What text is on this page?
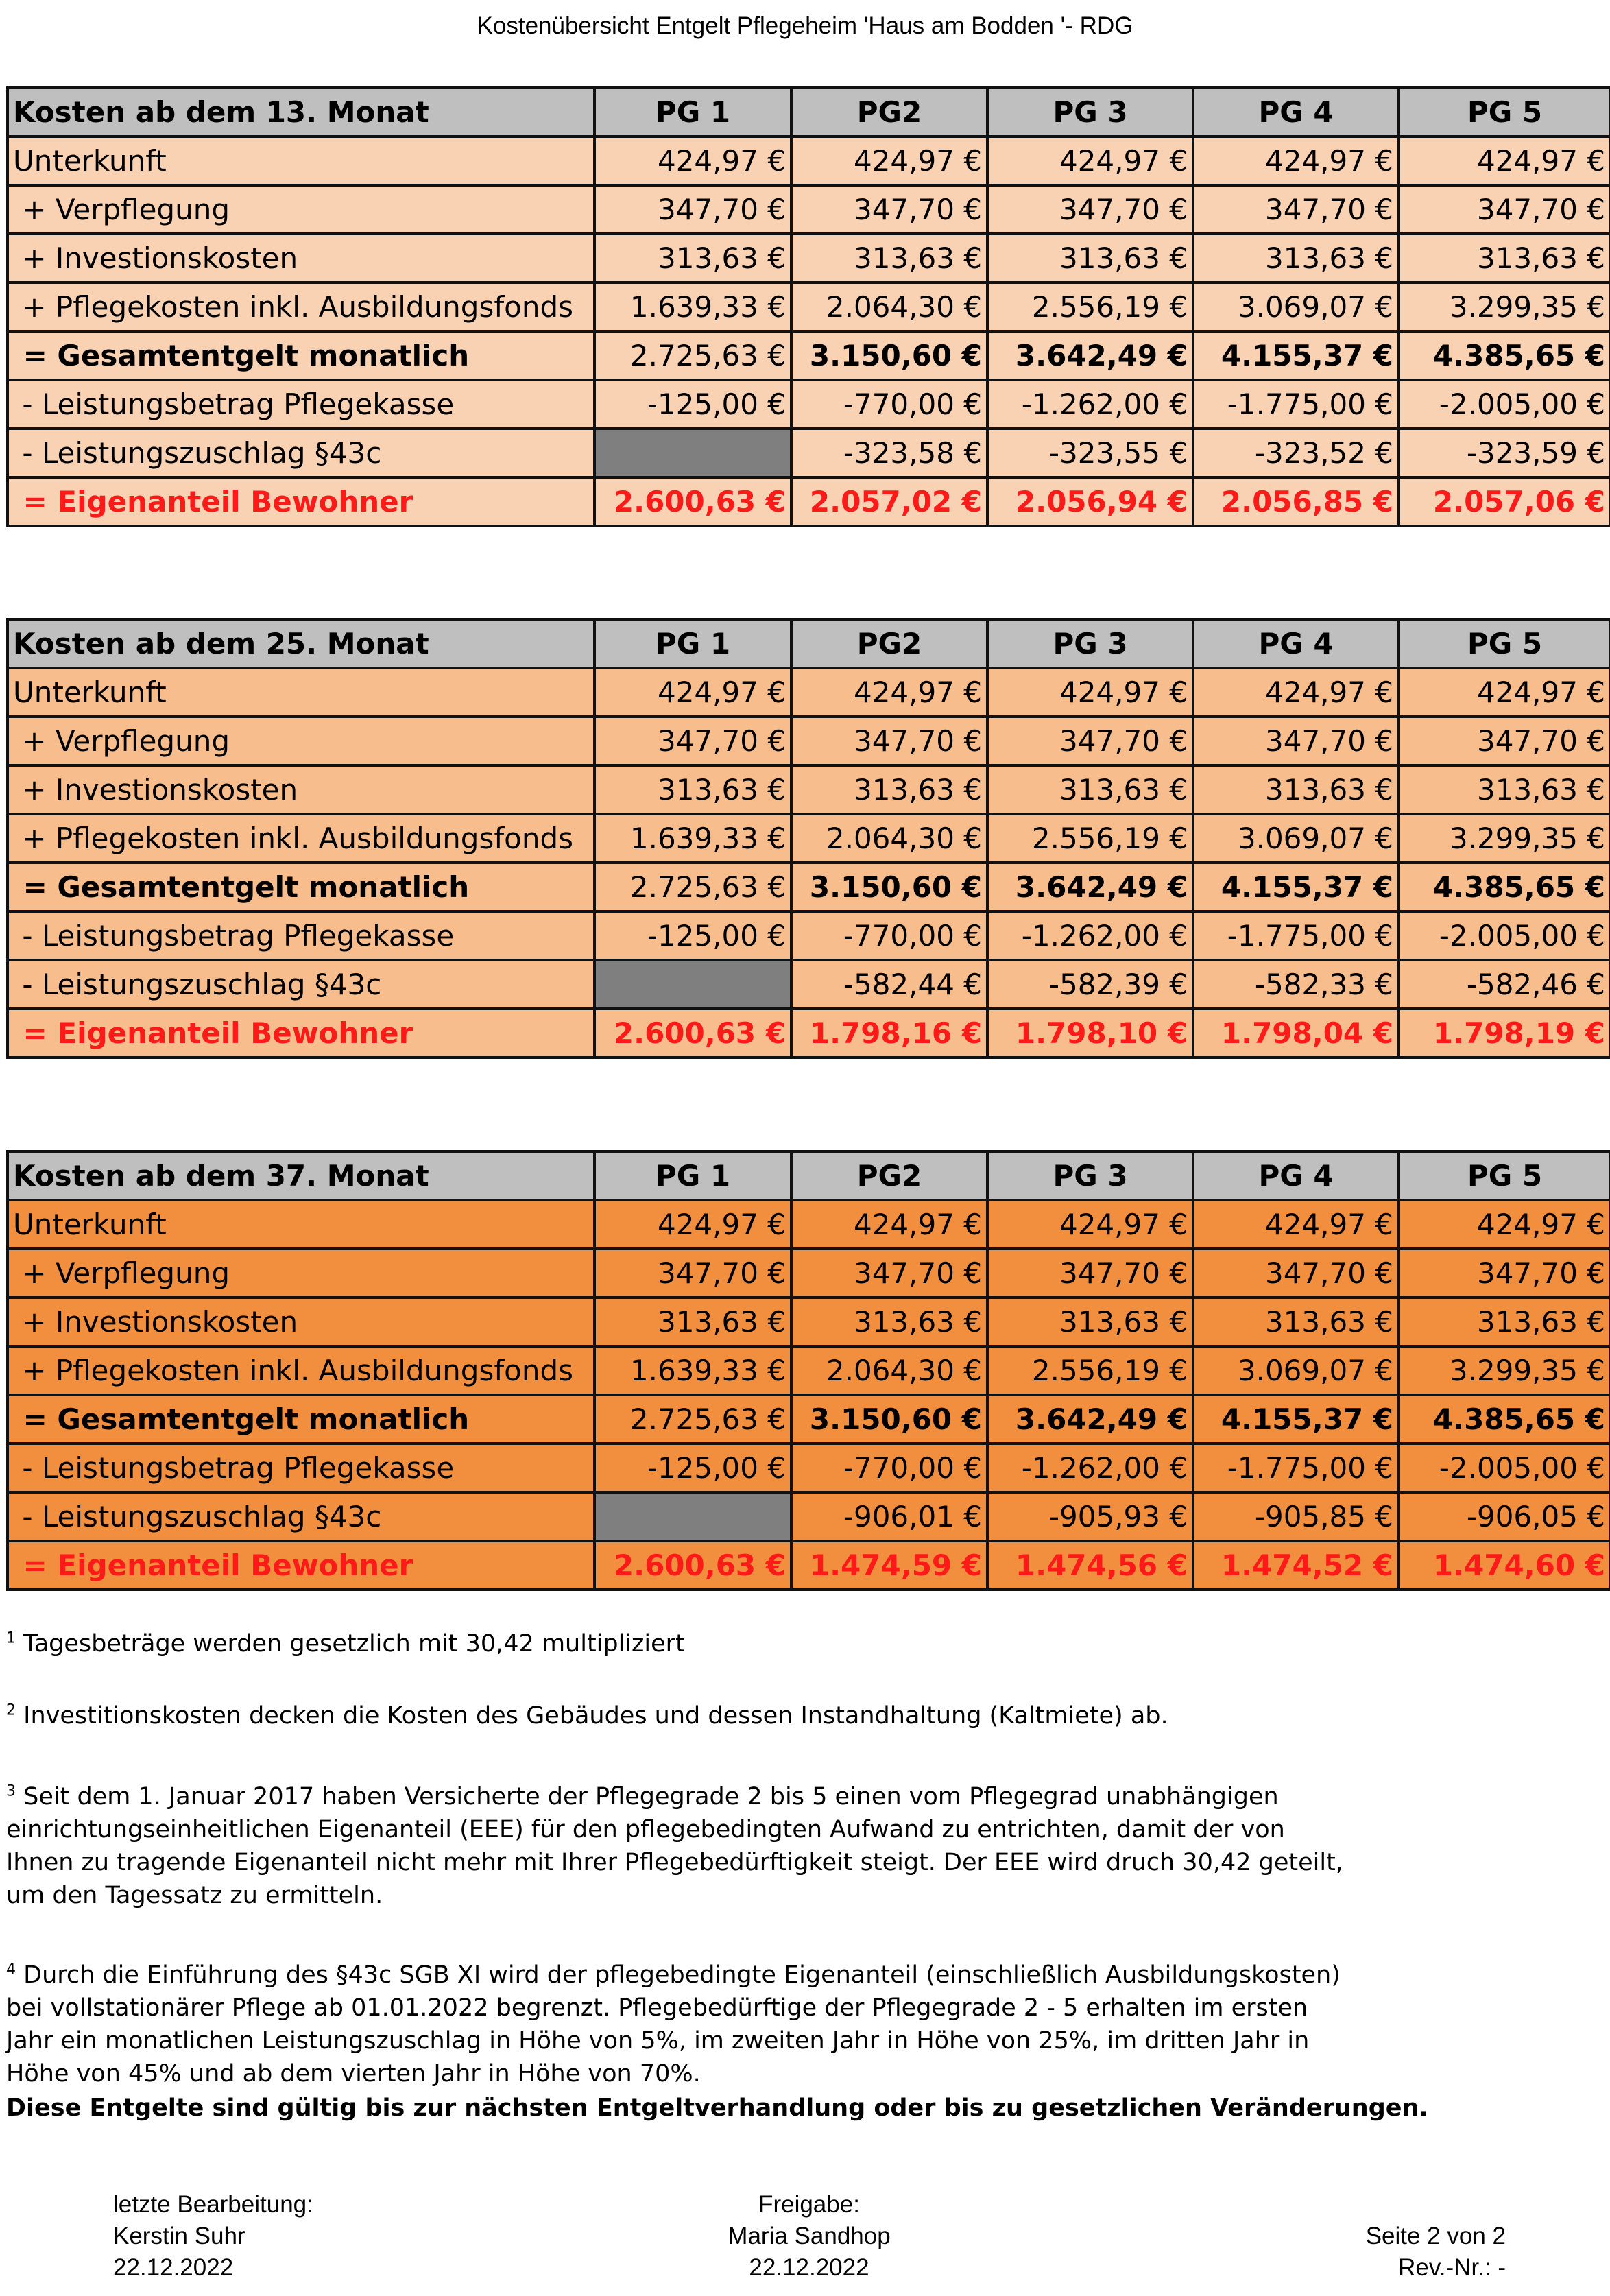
Kostenübersicht Entgelt Pflegeheim 'Haus am Bodden '- RDG
Kosten ab dem 13. Monat	PG 1	PG2	PG 3	PG 4	PG 5
Unterkunft	424,97 €	424,97 €	424,97 €	424,97 €	424,97 €
+ Verpflegung	347,70 €	347,70 €	347,70 €	347,70 €	347,70 €
+ Investionskosten	313,63 €	313,63 €	313,63 €	313,63 €	313,63 €
+ Pflegekosten inkl. Ausbildungsfonds	1.639,33 €	2.064,30 €	2.556,19 €	3.069,07 €	3.299,35 €
= Gesamtentgelt monatlich	2.725,63 €	3.150,60 €	3.642,49 €	4.155,37 €	4.385,65 €
- Leistungsbetrag Pflegekasse	-125,00 €	-770,00 €	-1.262,00 €	-1.775,00 €	-2.005,00 €
- Leistungszuschlag §43c		-323,58 €	-323,55 €	-323,52 €	-323,59 €
= Eigenanteil Bewohner	2.600,63 €	2.057,02 €	2.056,94 €	2.056,85 €	2.057,06 €
Kosten ab dem 25. Monat	PG 1	PG2	PG 3	PG 4	PG 5
Unterkunft	424,97 €	424,97 €	424,97 €	424,97 €	424,97 €
+ Verpflegung	347,70 €	347,70 €	347,70 €	347,70 €	347,70 €
+ Investionskosten	313,63 €	313,63 €	313,63 €	313,63 €	313,63 €
+ Pflegekosten inkl. Ausbildungsfonds	1.639,33 €	2.064,30 €	2.556,19 €	3.069,07 €	3.299,35 €
= Gesamtentgelt monatlich	2.725,63 €	3.150,60 €	3.642,49 €	4.155,37 €	4.385,65 €
- Leistungsbetrag Pflegekasse	-125,00 €	-770,00 €	-1.262,00 €	-1.775,00 €	-2.005,00 €
- Leistungszuschlag §43c		-582,44 €	-582,39 €	-582,33 €	-582,46 €
= Eigenanteil Bewohner	2.600,63 €	1.798,16 €	1.798,10 €	1.798,04 €	1.798,19 €
Kosten ab dem 37. Monat	PG 1	PG2	PG 3	PG 4	PG 5
Unterkunft	424,97 €	424,97 €	424,97 €	424,97 €	424,97 €
+ Verpflegung	347,70 €	347,70 €	347,70 €	347,70 €	347,70 €
+ Investionskosten	313,63 €	313,63 €	313,63 €	313,63 €	313,63 €
+ Pflegekosten inkl. Ausbildungsfonds	1.639,33 €	2.064,30 €	2.556,19 €	3.069,07 €	3.299,35 €
= Gesamtentgelt monatlich	2.725,63 €	3.150,60 €	3.642,49 €	4.155,37 €	4.385,65 €
- Leistungsbetrag Pflegekasse	-125,00 €	-770,00 €	-1.262,00 €	-1.775,00 €	-2.005,00 €
- Leistungszuschlag §43c		-906,01 €	-905,93 €	-905,85 €	-906,05 €
= Eigenanteil Bewohner	2.600,63 €	1.474,59 €	1.474,56 €	1.474,52 €	1.474,60 €
$^1$ Tagesbeträge werden gesetzlich mit 30,42 multipliziert
$^2$ Investitionskosten decken die Kosten des Gebäudes und dessen Instandhaltung (Kaltmiete) ab.
$^3$ Seit dem 1. Januar 2017 haben Versicherte der Pflegegrade 2 bis 5 einen vom Pflegegrad unabhängigen
einrichtungseinheitlichen Eigenanteil (EEE) für den pflegebedingten Aufwand zu entrichten, damit der von
Ihnen zu tragende Eigenanteil nicht mehr mit Ihrer Pflegebedürftigkeit steigt. Der EEE wird druch 30,42 geteilt,
um den Tagessatz zu ermitteln.
$^4$ Durch die Einführung des §43c SGB XI wird der pflegebedingte Eigenanteil (einschließlich Ausbildungskosten)
bei vollstationärer Pflege ab 01.01.2022 begrenzt. Pflegebedürftige der Pflegegrade 2 - 5 erhalten im ersten
Jahr ein monatlichen Leistungszuschlag in Höhe von 5%, im zweiten Jahr in Höhe von 25%, im dritten Jahr in
Höhe von 45% und ab dem vierten Jahr in Höhe von 70%.
Diese Entgelte sind gültig bis zur nächsten Entgeltverhandlung oder bis zu gesetzlichen Veränderungen.
letzte Bearbeitung:
Kerstin Suhr
22.12.2022
Freigabe:
Maria Sandhop
22.12.2022
Seite 2 von 2
Rev.-Nr.: -
